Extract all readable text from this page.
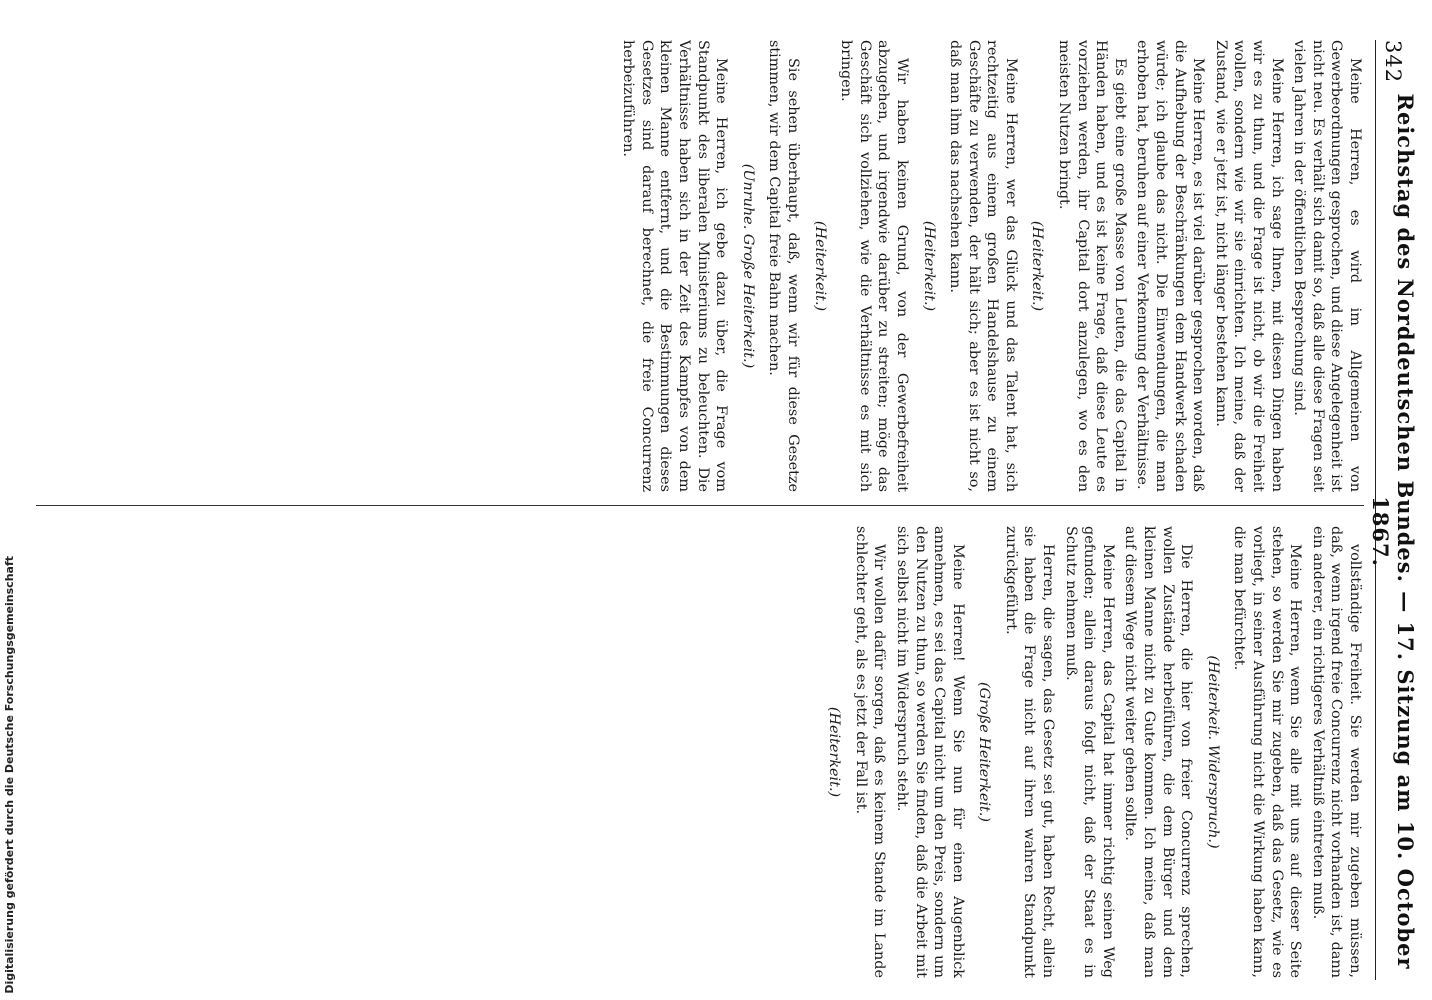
342
Reichstag des Norddeutschen Bundes. — 17. Sitzung am 10. October 1867.

Meine Herren, es wird im Allgemeinen von Gewerbeordnungen gesprochen, und diese Angelegenheit ist nicht neu. Es verhält sich damit so, daß alle diese Fragen seit vielen Jahren in der öffentlichen Besprechung sind.

Meine Herren, ich sage Ihnen, mit diesen Dingen haben wir es zu thun, und die Frage ist nicht, ob wir die Freiheit wollen, sondern wie wir sie einrichten. Ich meine, daß der Zustand, wie er jetzt ist, nicht länger bestehen kann.

Meine Herren, es ist viel darüber gesprochen worden, daß die Aufhebung der Beschränkungen dem Handwerk schaden würde; ich glaube das nicht. Die Einwendungen, die man erhoben hat, beruhen auf einer Verkennung der Verhältnisse.

Es giebt eine große Masse von Leuten, die das Capital in Händen haben, und es ist keine Frage, daß diese Leute es vorziehen werden, ihr Capital dort anzulegen, wo es den meisten Nutzen bringt.

(Heiterkeit.)

Meine Herren, wer das Glück und das Talent hat, sich rechtzeitig aus einem großen Handelshause zu einem Geschäfte zu verwenden, der hält sich; aber es ist nicht so, daß man ihm das nachsehen kann.

(Heiterkeit.)

Wir haben keinen Grund, von der Gewerbefreiheit abzugehen, und irgendwie darüber zu streiten; möge das Geschäft sich vollziehen, wie die Verhältnisse es mit sich bringen.

(Heiterkeit.)

Sie sehen überhaupt, daß, wenn wir für diese Gesetze stimmen, wir dem Capital freie Bahn machen.

(Unruhe. Große Heiterkeit.)

Meine Herren, ich gebe dazu über, die Frage vom Standpunkt des liberalen Ministeriums zu beleuchten. Die Verhältnisse haben sich in der Zeit des Kampfes von dem kleinen Manne entfernt, und die Bestimmungen dieses Gesetzes sind darauf berechnet, die freie Concurrenz herbeizuführen.

vollständige Freiheit. Sie werden mir zugeben müssen, daß, wenn irgend freie Concurrenz nicht vorhanden ist, dann ein anderer, ein richtigeres Verhältniß eintreten muß.

Meine Herren, wenn Sie alle mit uns auf dieser Seite stehen, so werden Sie mir zugeben, daß das Gesetz, wie es vorliegt, in seiner Ausführung nicht die Wirkung haben kann, die man befürchtet.

(Heiterkeit. Widerspruch.)

Die Herren, die hier von freier Concurrenz sprechen, wollen Zustände herbeiführen, die dem Bürger und dem kleinen Manne nicht zu Gute kommen. Ich meine, daß man auf diesem Wege nicht weiter gehen sollte.

Meine Herren, das Capital hat immer richtig seinen Weg gefunden; allein daraus folgt nicht, daß der Staat es in Schutz nehmen muß.

Herren, die sagen, das Gesetz sei gut, haben Recht, allein sie haben die Frage nicht auf ihren wahren Standpunkt zurückgeführt.

(Große Heiterkeit.)

Meine Herren! Wenn Sie nun für einen Augenblick annehmen, es sei das Capital nicht um den Preis, sondern um den Nutzen zu thun, so werden Sie finden, daß die Arbeit mit sich selbst nicht im Widerspruch steht.

Wir wollen dafür sorgen, daß es keinem Stande im Lande schlechter geht, als es jetzt der Fall ist.

(Heiterkeit.)

Digitalisierung gefördert durch die Deutsche Forschungsgemeinschaft
